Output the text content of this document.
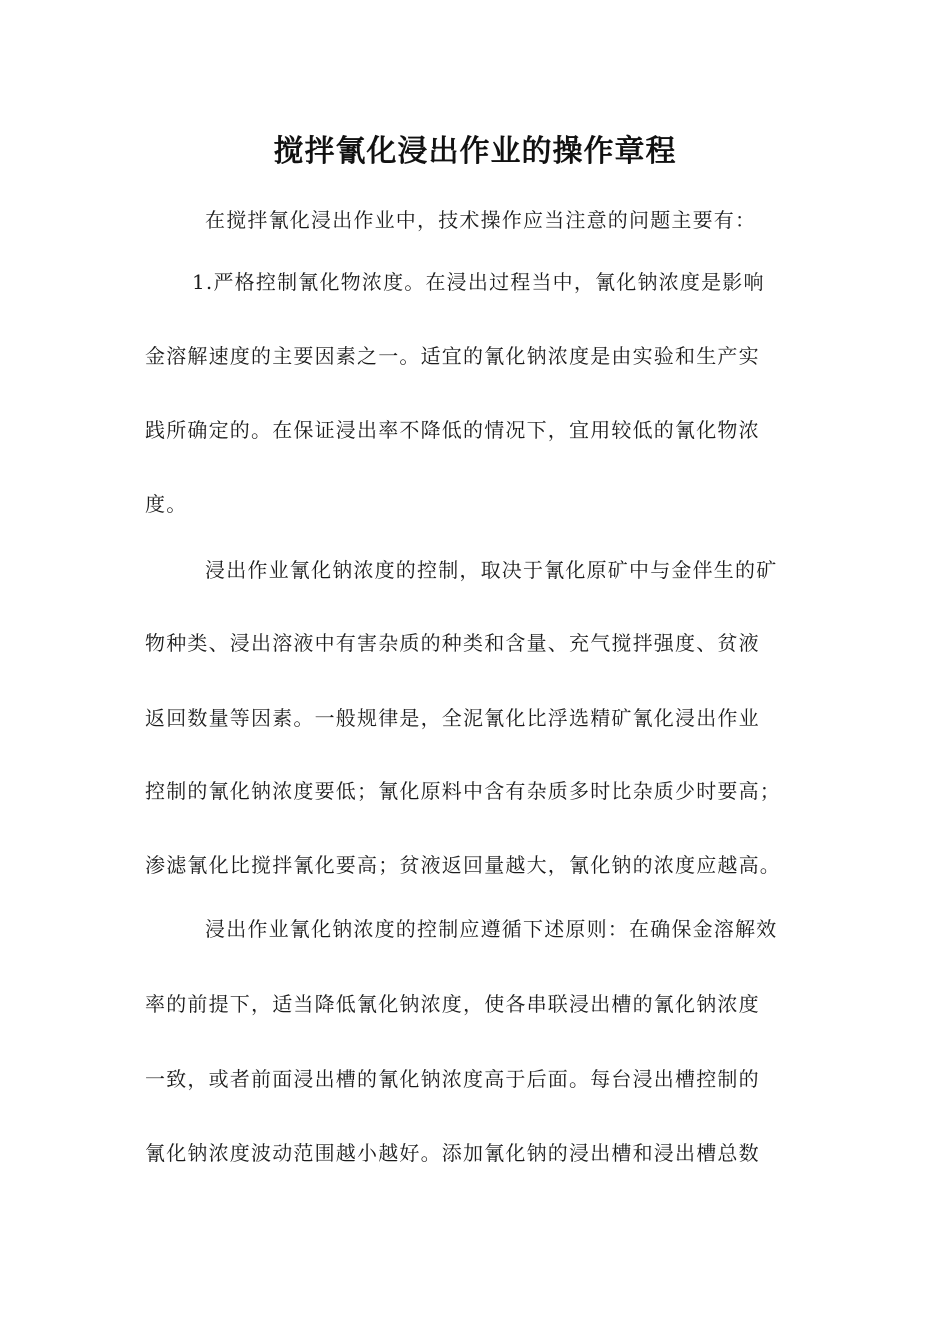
搅拌氰化浸出作业的操作章程
在搅拌氰化浸出作业中，技术操作应当注意的问题主要有：
1.严格控制氰化物浓度。在浸出过程当中，氰化钠浓度是影响
金溶解速度的主要因素之一。适宜的氰化钠浓度是由实验和生产实
践所确定的。在保证浸出率不降低的情况下，宜用较低的氰化物浓
度。
浸出作业氰化钠浓度的控制，取决于氰化原矿中与金伴生的矿
物种类、浸出溶液中有害杂质的种类和含量、充气搅拌强度、贫液
返回数量等因素。一般规律是，全泥氰化比浮选精矿氰化浸出作业
控制的氰化钠浓度要低；氰化原料中含有杂质多时比杂质少时要高；
渗滤氰化比搅拌氰化要高；贫液返回量越大，氰化钠的浓度应越高。
浸出作业氰化钠浓度的控制应遵循下述原则：在确保金溶解效
率的前提下，适当降低氰化钠浓度，使各串联浸出槽的氰化钠浓度
一致，或者前面浸出槽的氰化钠浓度高于后面。每台浸出槽控制的
氰化钠浓度波动范围越小越好。添加氰化钠的浸出槽和浸出槽总数
